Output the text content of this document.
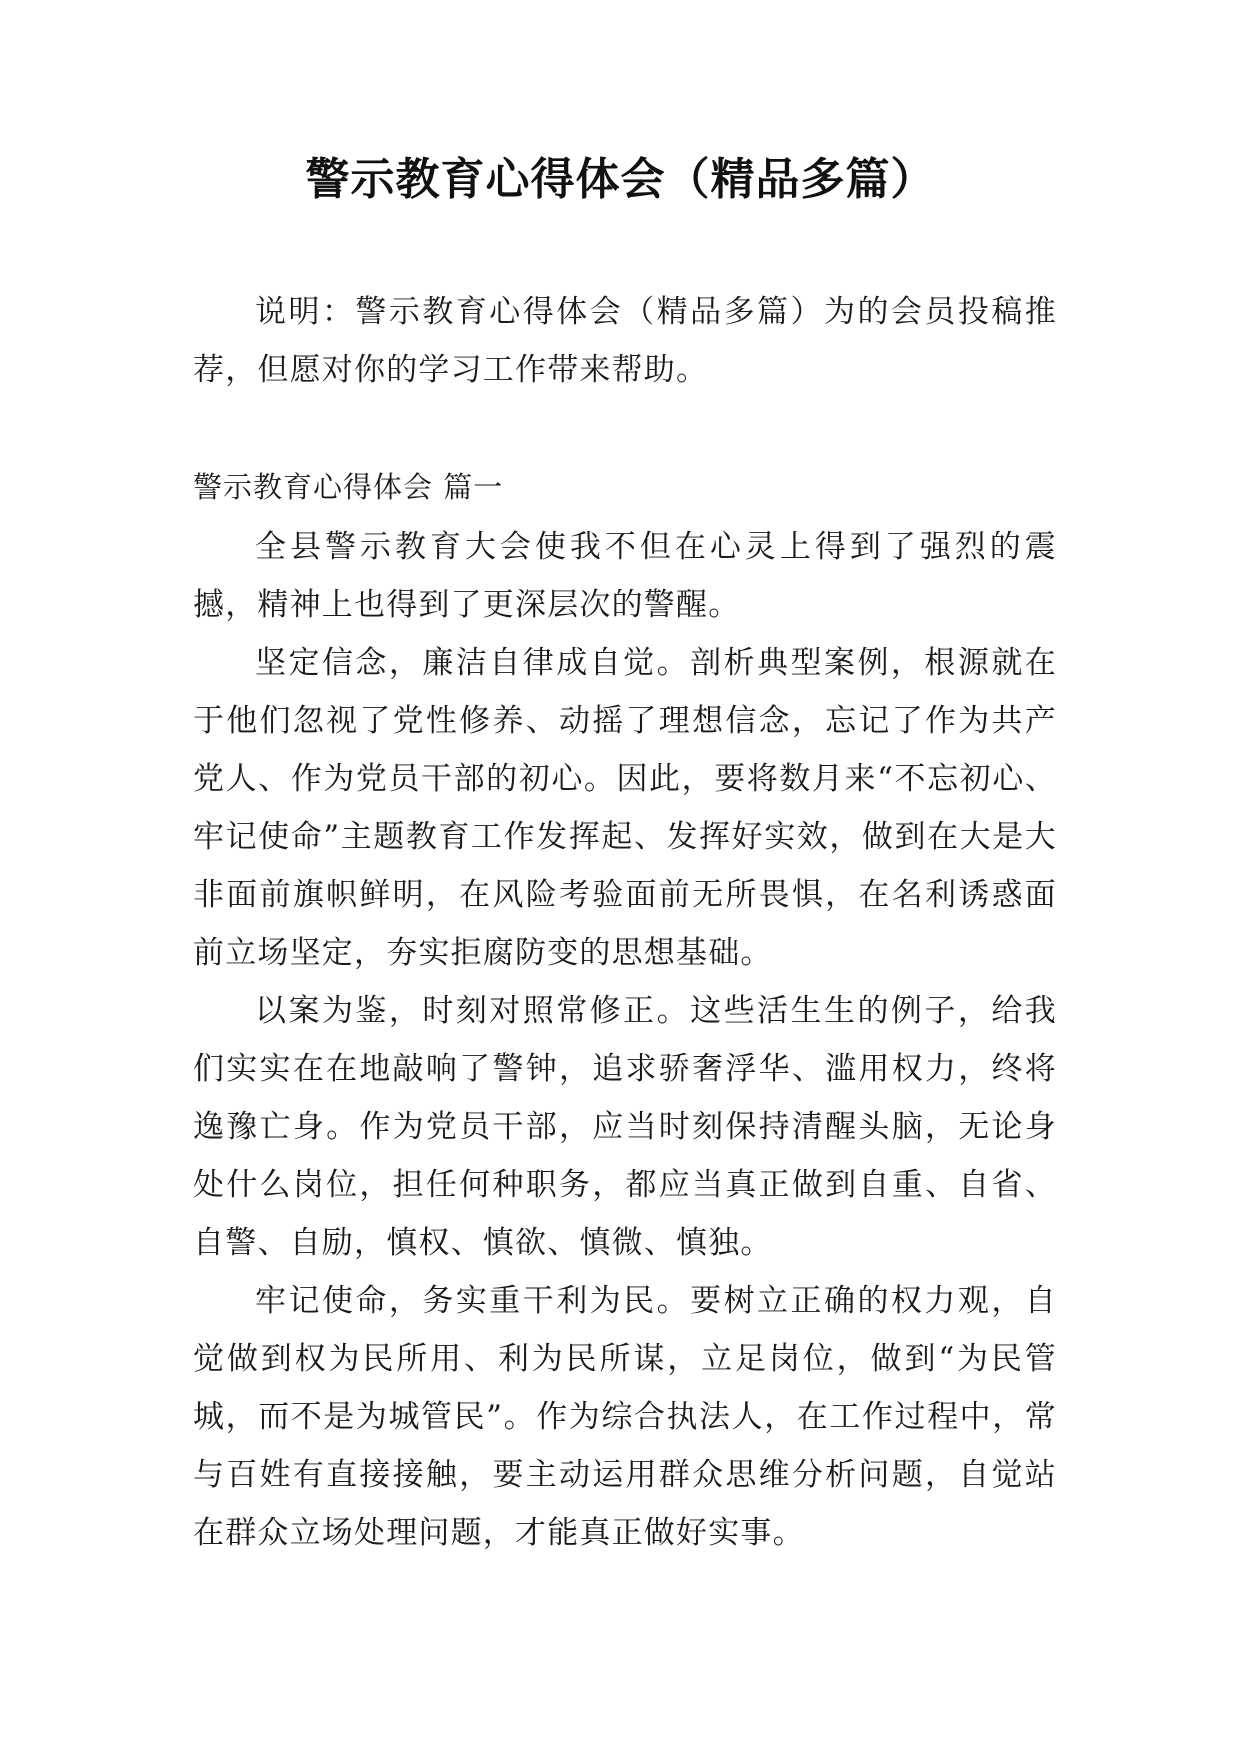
警示教育心得体会（精品多篇）

说明：警示教育心得体会（精品多篇）为的会员投稿推荐，但愿对你的学习工作带来帮助。

警示教育心得体会 篇一

全县警示教育大会使我不但在心灵上得到了强烈的震撼，精神上也得到了更深层次的警醒。

坚定信念，廉洁自律成自觉。剖析典型案例，根源就在于他们忽视了党性修养、动摇了理想信念，忘记了作为共产党人、作为党员干部的初心。因此，要将数月来“不忘初心、牢记使命”主题教育工作发挥起、发挥好实效，做到在大是大非面前旗帜鲜明，在风险考验面前无所畏惧，在名利诱惑面前立场坚定，夯实拒腐防变的思想基础。

以案为鉴，时刻对照常修正。这些活生生的例子，给我们实实在在地敲响了警钟，追求骄奢浮华、滥用权力，终将逸豫亡身。作为党员干部，应当时刻保持清醒头脑，无论身处什么岗位，担任何种职务，都应当真正做到自重、自省、自警、自励，慎权、慎欲、慎微、慎独。

牢记使命，务实重干利为民。要树立正确的权力观，自觉做到权为民所用、利为民所谋，立足岗位，做到“为民管城，而不是为城管民”。作为综合执法人，在工作过程中，常与百姓有直接接触，要主动运用群众思维分析问题，自觉站在群众立场处理问题，才能真正做好实事。
